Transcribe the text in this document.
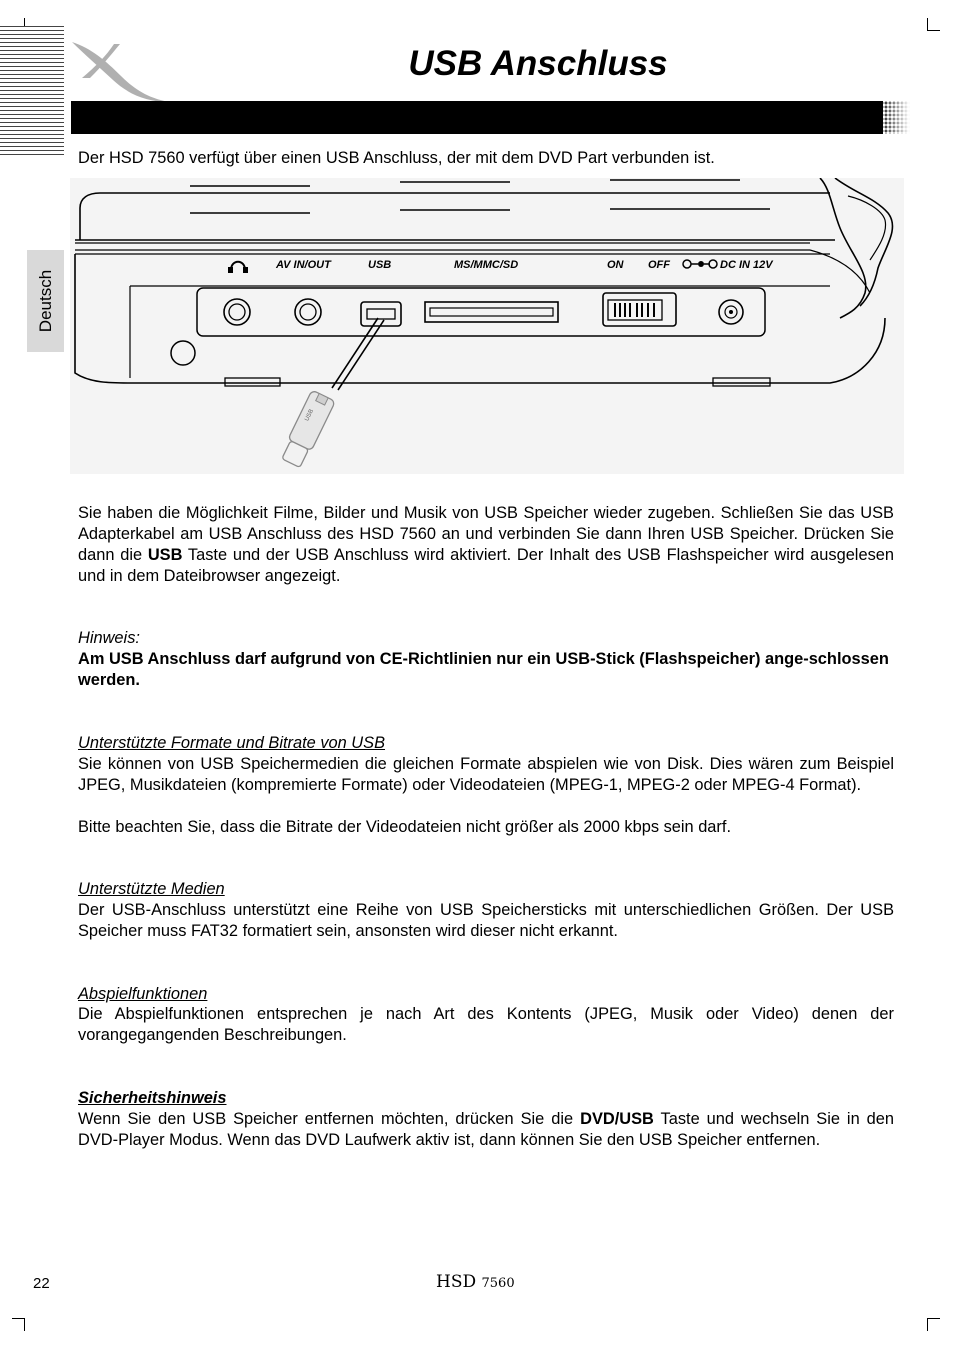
USB Anschluss
Deutsch
Der HSD 7560 verfügt über einen USB Anschluss, der mit dem DVD Part verbunden ist.
AV IN/OUT	USB	MS/MMC/SD	ON OFF	DC IN 12V
USB
Sie haben die Möglichkeit Filme, Bilder und Musik von USB Speicher wieder zugeben. Schließen Sie das USB Adapterkabel am USB Anschluss des HSD 7560 an und verbinden Sie dann Ihren USB Speicher. Drücken Sie dann die USB Taste und der USB Anschluss wird aktiviert. Der Inhalt des USB Flashspeicher wird ausgelesen und in dem Dateibrowser angezeigt.
Hinweis:
Am USB Anschluss darf aufgrund von CE-Richtlinien nur ein USB-Stick (Flashspeicher) ange-schlossen werden.
Unterstützte Formate und Bitrate von USB
Sie können von USB Speichermedien die gleichen Formate abspielen wie von Disk. Dies wären zum Beispiel JPEG, Musikdateien (kompremierte Formate) oder Videodateien (MPEG-1, MPEG-2 oder MPEG-4 Format).
Bitte beachten Sie, dass die Bitrate der Videodateien nicht größer als 2000 kbps sein darf.
Unterstützte Medien
Der USB-Anschluss unterstützt eine Reihe von USB Speichersticks mit unterschiedlichen Größen. Der USB Speicher muss FAT32 formatiert sein, ansonsten wird dieser nicht erkannt.
Abspielfunktionen
Die Abspielfunktionen entsprechen je nach Art des Kontents (JPEG, Musik oder Video) denen der vorangegangenden Beschreibungen.
Sicherheitshinweis
Wenn Sie den USB Speicher entfernen möchten, drücken Sie die DVD/USB Taste und wechseln Sie in den DVD-Player Modus. Wenn das DVD Laufwerk aktiv ist, dann können Sie den USB Speicher entfernen.
22	HSD 7560
